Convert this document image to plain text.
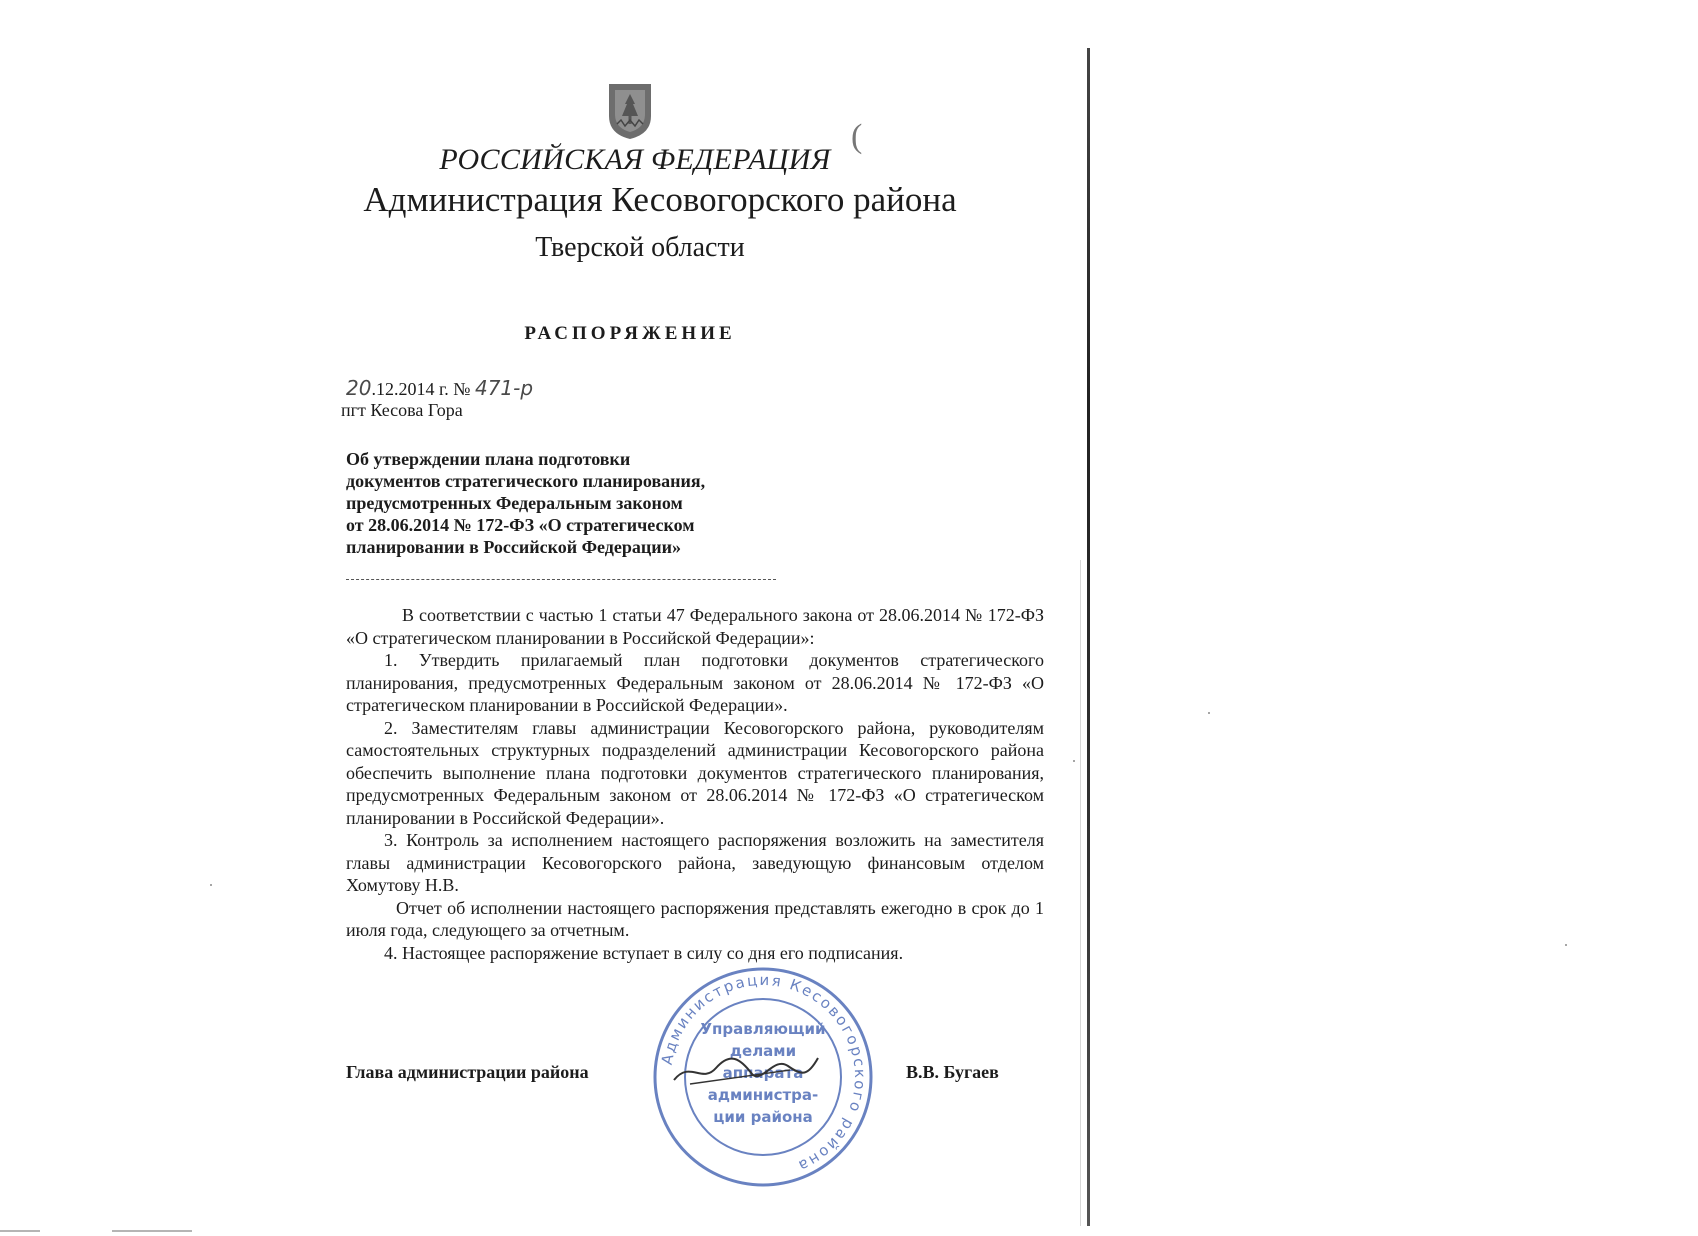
(
РОССИЙСКАЯ ФЕДЕРАЦИЯ
Администрация Кесовогорского района
Тверской области
РАСПОРЯЖЕНИЕ
20.12.2014 г. № 471-р
пгт Кесова Гора
Об утверждении плана подготовки
документов стратегического планирования,
предусмотренных Федеральным законом
от 28.06.2014 № 172-ФЗ «О стратегическом
планировании в Российской Федерации»

В соответствии с частью 1 статьи 47 Федерального закона от 28.06.2014 № 172-ФЗ «О стратегическом планировании в Российской Федерации»:

1. Утвердить прилагаемый план подготовки документов стратегического планирования, предусмотренных Федеральным законом от 28.06.2014 № 172-ФЗ «О стратегическом планировании в Российской Федерации».

2. Заместителям главы администрации Кесовогорского района, руководителям самостоятельных структурных подразделений администрации Кесовогорского района обеспечить выполнение плана подготовки документов стратегического планирования, предусмотренных Федеральным законом от 28.06.2014 № 172-ФЗ «О стратегическом планировании в Российской Федерации».

3. Контроль за исполнением настоящего распоряжения возложить на заместителя главы администрации Кесовогорского района, заведующую финансовым отделом Хомутову Н.В.

Отчет об исполнении настоящего распоряжения представлять ежегодно в срок до 1 июля года, следующего за отчетным.

4. Настоящее распоряжение вступает в силу со дня его подписания.

Глава администрации района	В.В. Бугаев
Администрация Кесовогорского района
Управляющий
делами
аппарата
администра-
ции района
